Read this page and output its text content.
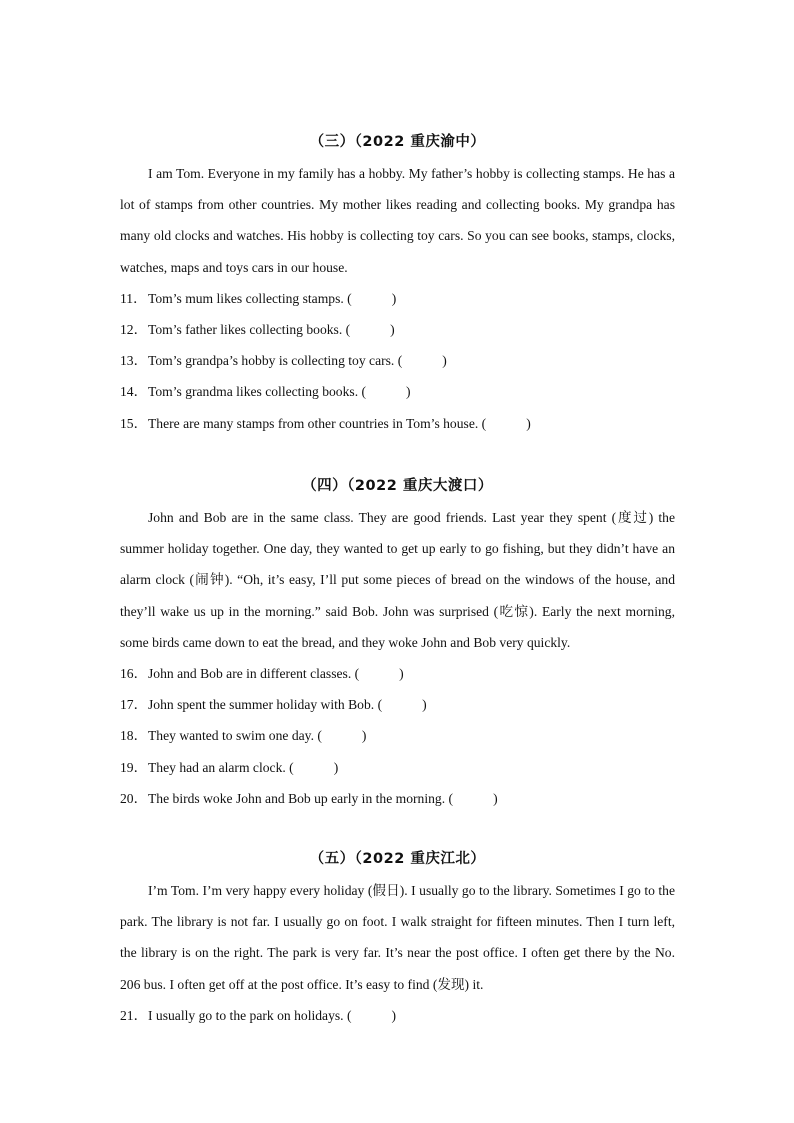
（三）（2022 重庆渝中）
I am Tom. Everyone in my family has a hobby. My father’s hobby is collecting stamps. He has a lot of stamps from other countries. My mother likes reading and collecting books. My grandpa has many old clocks and watches. His hobby is collecting toy cars. So you can see books, stamps, clocks, watches, maps and toys cars in our house.
11．Tom’s mum likes collecting stamps. (	)
12．Tom’s father likes collecting books. (	)
13．Tom’s grandpa’s hobby is collecting toy cars. (	)
14．Tom’s grandma likes collecting books. (	)
15．There are many stamps from other countries in Tom’s house. (	)
（四）（2022 重庆大渡口）
John and Bob are in the same class. They are good friends. Last year they spent (度过) the summer holiday together. One day, they wanted to get up early to go fishing, but they didn’t have an alarm clock (闹钟). “Oh, it’s easy, I’ll put some pieces of bread on the windows of the house, and they’ll wake us up in the morning.” said Bob. John was surprised (吃惊). Early the next morning, some birds came down to eat the bread, and they woke John and Bob very quickly.
16．John and Bob are in different classes. (	)
17．John spent the summer holiday with Bob. (	)
18．They wanted to swim one day. (	)
19．They had an alarm clock. (	)
20．The birds woke John and Bob up early in the morning. (	)
（五）（2022 重庆江北）
I’m Tom. I’m very happy every holiday (假日). I usually go to the library. Sometimes I go to the park. The library is not far. I usually go on foot. I walk straight for fifteen minutes. Then I turn left, the library is on the right. The park is very far. It’s near the post office. I often get there by the No. 206 bus. I often get off at the post office. It’s easy to find (发现) it.
21．I usually go to the park on holidays. (	)
